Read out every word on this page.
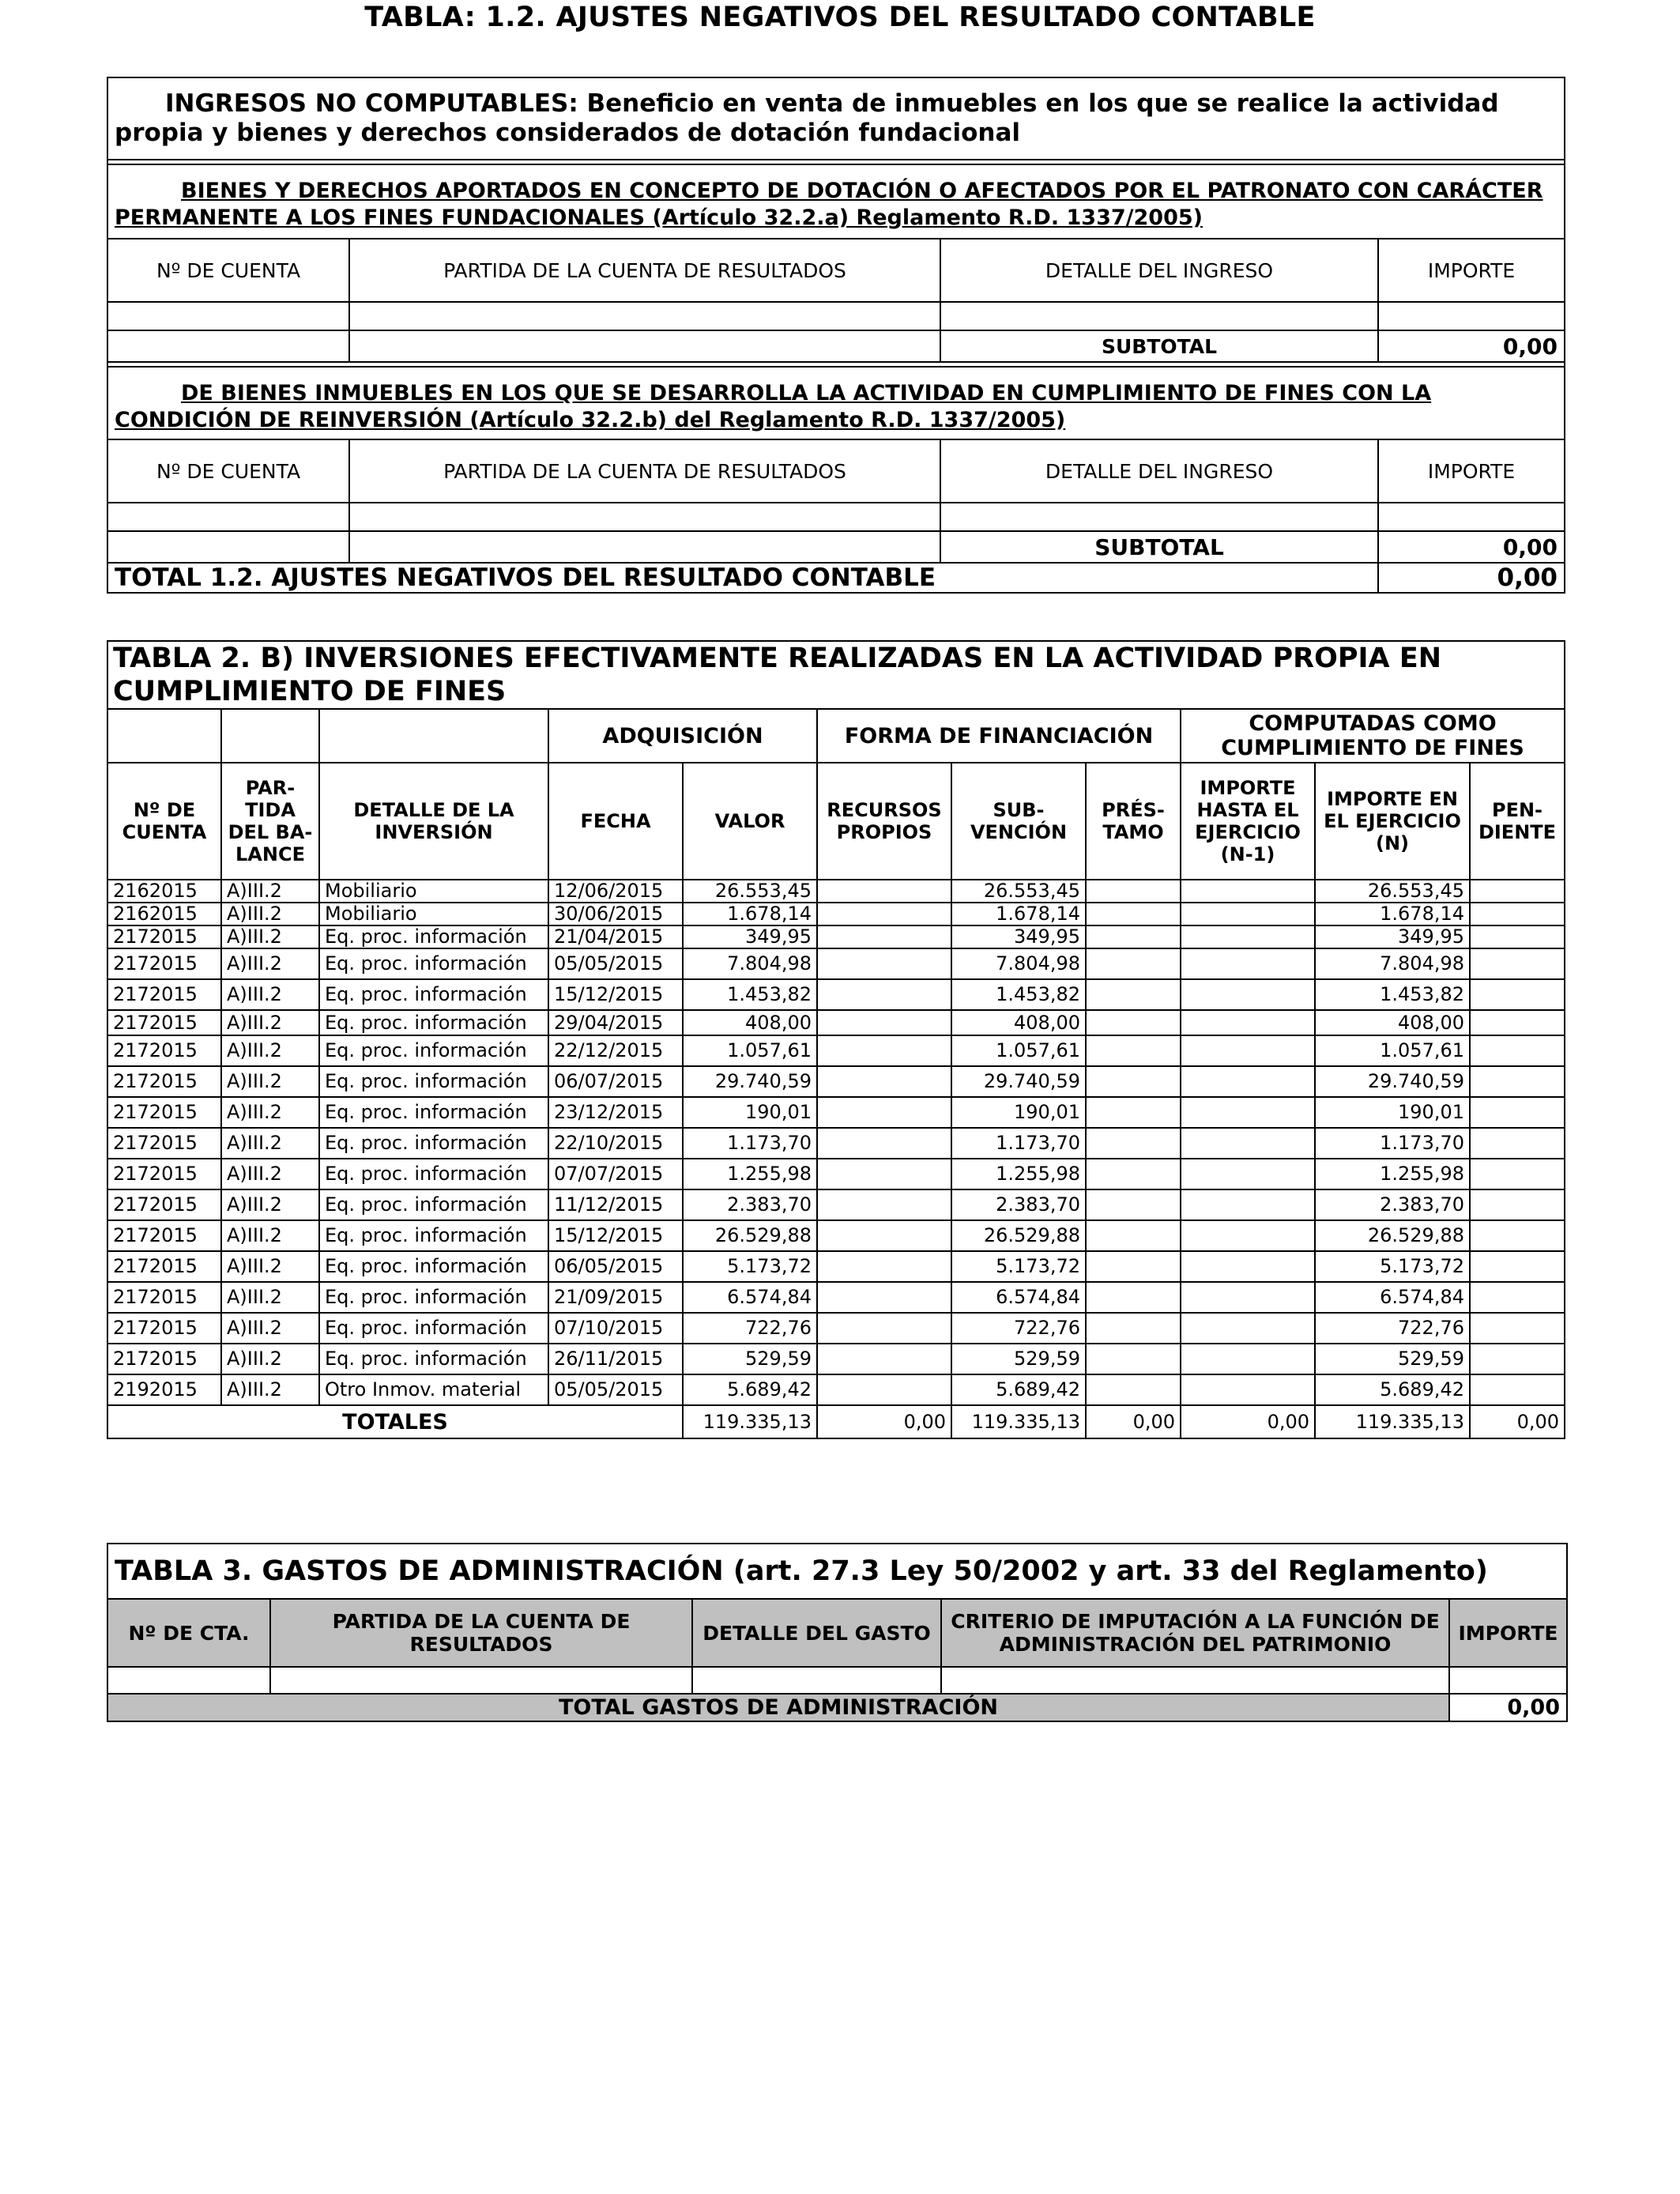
TABLA: 1.2. AJUSTES NEGATIVOS DEL RESULTADO CONTABLE
INGRESOS NO COMPUTABLES: Beneficio en venta de inmuebles en los que se realice la actividad propia y bienes y derechos considerados de dotación fundacional			

BIENES Y DERECHOS APORTADOS EN CONCEPTO DE DOTACIÓN O AFECTADOS POR EL PATRONATO CON CARÁCTER PERMANENTE A LOS FINES FUNDACIONALES (Artículo 32.2.a) Reglamento R.D. 1337/2005)			
Nº DE CUENTA	PARTIDA DE LA CUENTA DE RESULTADOS	DETALLE DEL INGRESO	IMPORTE

		SUBTOTAL	0,00

DE BIENES INMUEBLES EN LOS QUE SE DESARROLLA LA ACTIVIDAD EN CUMPLIMIENTO DE FINES CON LA CONDICIÓN DE REINVERSIÓN (Artículo 32.2.b) del Reglamento R.D. 1337/2005)			
Nº DE CUENTA	PARTIDA DE LA CUENTA DE RESULTADOS	DETALLE DEL INGRESO	IMPORTE

		SUBTOTAL	0,00
TOTAL 1.2. AJUSTES NEGATIVOS DEL RESULTADO CONTABLE			0,00
TABLA 2. B) INVERSIONES EFECTIVAMENTE REALIZADAS EN LA ACTIVIDAD PROPIA EN CUMPLIMIENTO DE FINES										
			ADQUISICIÓN		FORMA DE FINANCIACIÓN			COMPUTADAS COMO CUMPLIMIENTO DE FINES		
Nº DE CUENTA	PAR-TIDA DEL BA-LANCE	DETALLE DE LA INVERSIÓN	FECHA	VALOR	RECURSOS PROPIOS	SUB-VENCIÓN	PRÉS-TAMO	IMPORTE HASTA EL EJERCICIO (N-1)	IMPORTE EN EL EJERCICIO (N)	PEN-DIENTE
2162015	A)III.2	Mobiliario	12/06/2015	26.553,45		26.553,45			26.553,45	
2162015	A)III.2	Mobiliario	30/06/2015	1.678,14		1.678,14			1.678,14	
2172015	A)III.2	Eq. proc. información	21/04/2015	349,95		349,95			349,95	
2172015	A)III.2	Eq. proc. información	05/05/2015	7.804,98		7.804,98			7.804,98	
2172015	A)III.2	Eq. proc. información	15/12/2015	1.453,82		1.453,82			1.453,82	
2172015	A)III.2	Eq. proc. información	29/04/2015	408,00		408,00			408,00	
2172015	A)III.2	Eq. proc. información	22/12/2015	1.057,61		1.057,61			1.057,61	
2172015	A)III.2	Eq. proc. información	06/07/2015	29.740,59		29.740,59			29.740,59	
2172015	A)III.2	Eq. proc. información	23/12/2015	190,01		190,01			190,01	
2172015	A)III.2	Eq. proc. información	22/10/2015	1.173,70		1.173,70			1.173,70	
2172015	A)III.2	Eq. proc. información	07/07/2015	1.255,98		1.255,98			1.255,98	
2172015	A)III.2	Eq. proc. información	11/12/2015	2.383,70		2.383,70			2.383,70	
2172015	A)III.2	Eq. proc. información	15/12/2015	26.529,88		26.529,88			26.529,88	
2172015	A)III.2	Eq. proc. información	06/05/2015	5.173,72		5.173,72			5.173,72	
2172015	A)III.2	Eq. proc. información	21/09/2015	6.574,84		6.574,84			6.574,84	
2172015	A)III.2	Eq. proc. información	07/10/2015	722,76		722,76			722,76	
2172015	A)III.2	Eq. proc. información	26/11/2015	529,59		529,59			529,59	
2192015	A)III.2	Otro Inmov. material	05/05/2015	5.689,42		5.689,42			5.689,42	
TOTALES				119.335,13	0,00	119.335,13	0,00	0,00	119.335,13	0,00
TABLA 3. GASTOS DE ADMINISTRACIÓN (art. 27.3 Ley 50/2002 y art. 33 del Reglamento)				
Nº DE CTA.	PARTIDA DE LA CUENTA DE RESULTADOS	DETALLE DEL GASTO	CRITERIO DE IMPUTACIÓN A LA FUNCIÓN DE ADMINISTRACIÓN DEL PATRIMONIO	IMPORTE

TOTAL GASTOS DE ADMINISTRACIÓN				0,00
